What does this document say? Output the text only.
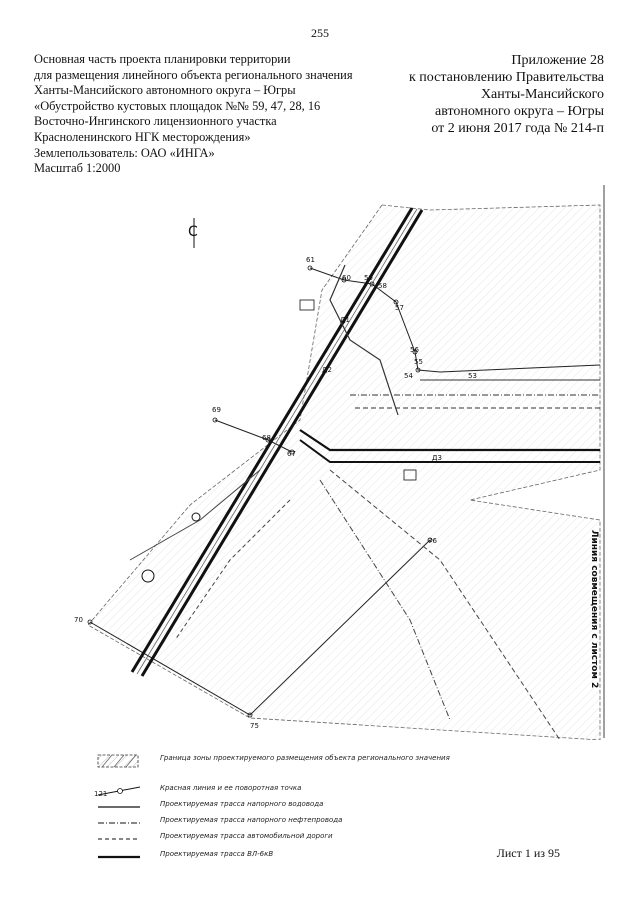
255
Основная часть проекта планировки территории
для размещения линейного объекта регионального значения
Ханты-Мансийского автономного округа – Югры
«Обустройство кустовых площадок №№ 59, 47, 28, 16
Восточно-Ингинского лицензионного участка
Красноленинского НГК месторождения»
Землепользователь: ОАО «ИНГА»
Масштаб 1:2000
Приложение 28
к постановлению Правительства
Ханты-Мансийского
автономного округа – Югры
от 2 июня 2017 года № 214-п
С
Линия совмещения с листом 2
61
60 59
58
57
56
55
54	53
69
68
67
70
75
76
Д3
Д2
Д1
Граница зоны проектируемого размещения объекта регионального значения
121
Красная линия и ее поворотная точка
Проектируемая трасса напорного водовода
Проектируемая трасса напорного нефтепровода
Проектируемая трасса автомобильной дороги
Проектируемая трасса ВЛ-6кВ	Лист 1 из 95
